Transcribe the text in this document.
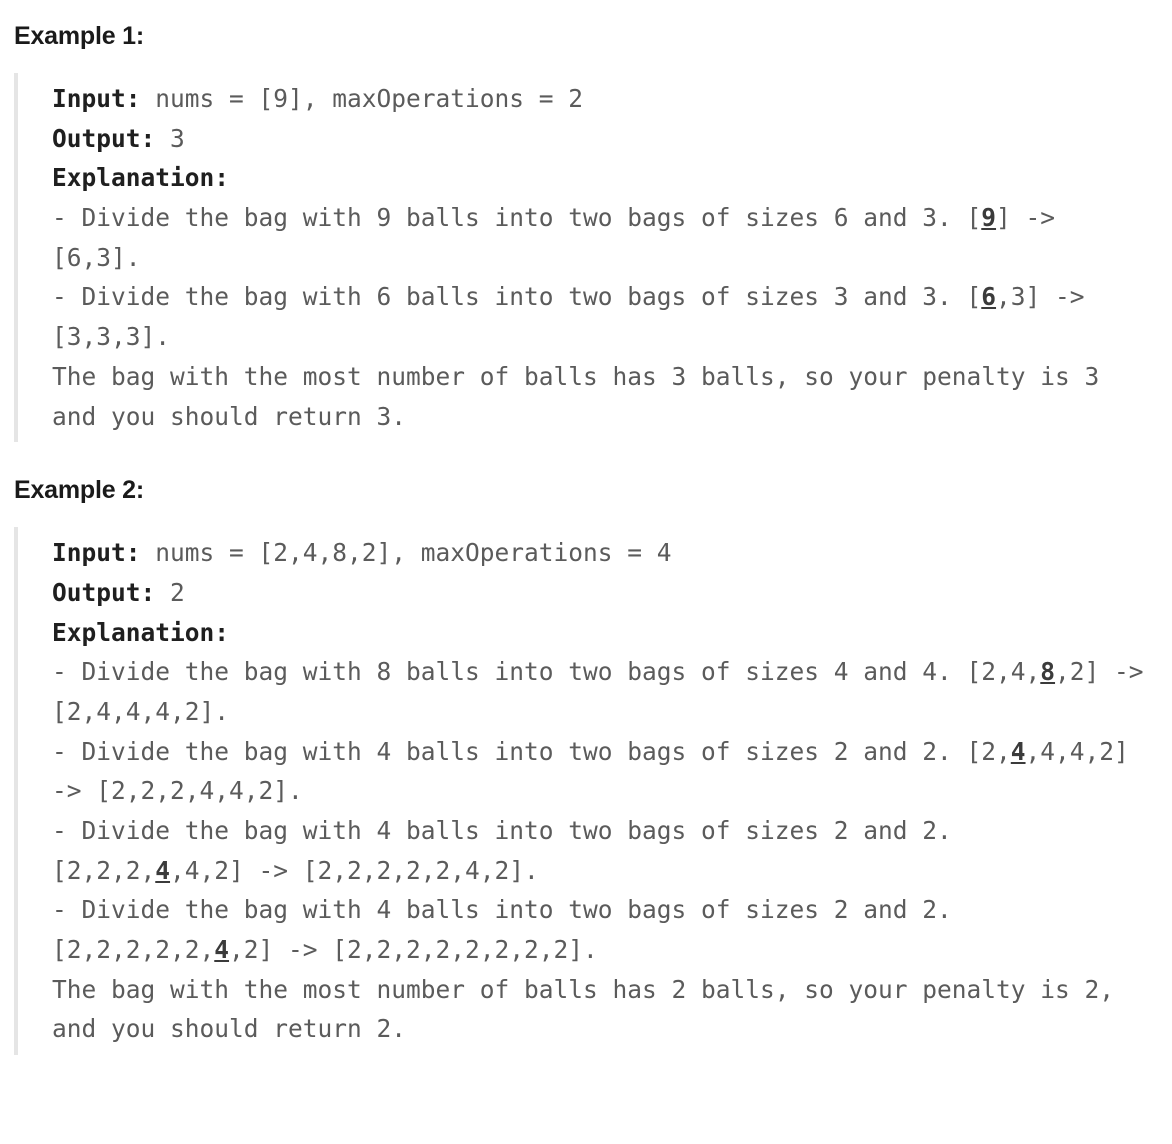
Example 1:
Input: nums = [9], maxOperations = 2
Output: 3
Explanation:
- Divide the bag with 9 balls into two bags of sizes 6 and 3. [9] -> [6,3].
- Divide the bag with 6 balls into two bags of sizes 3 and 3. [6,3] -> [3,3,3].
The bag with the most number of balls has 3 balls, so your penalty is 3 and you should return 3.
Example 2:
Input: nums = [2,4,8,2], maxOperations = 4
Output: 2
Explanation:
- Divide the bag with 8 balls into two bags of sizes 4 and 4. [2,4,8,2] -> [2,4,4,4,2].
- Divide the bag with 4 balls into two bags of sizes 2 and 2. [2,4,4,4,2] -> [2,2,2,4,4,2].
- Divide the bag with 4 balls into two bags of sizes 2 and 2. [2,2,2,4,4,2] -> [2,2,2,2,2,4,2].
- Divide the bag with 4 balls into two bags of sizes 2 and 2. [2,2,2,2,2,4,2] -> [2,2,2,2,2,2,2,2].
The bag with the most number of balls has 2 balls, so your penalty is 2, and you should return 2.
